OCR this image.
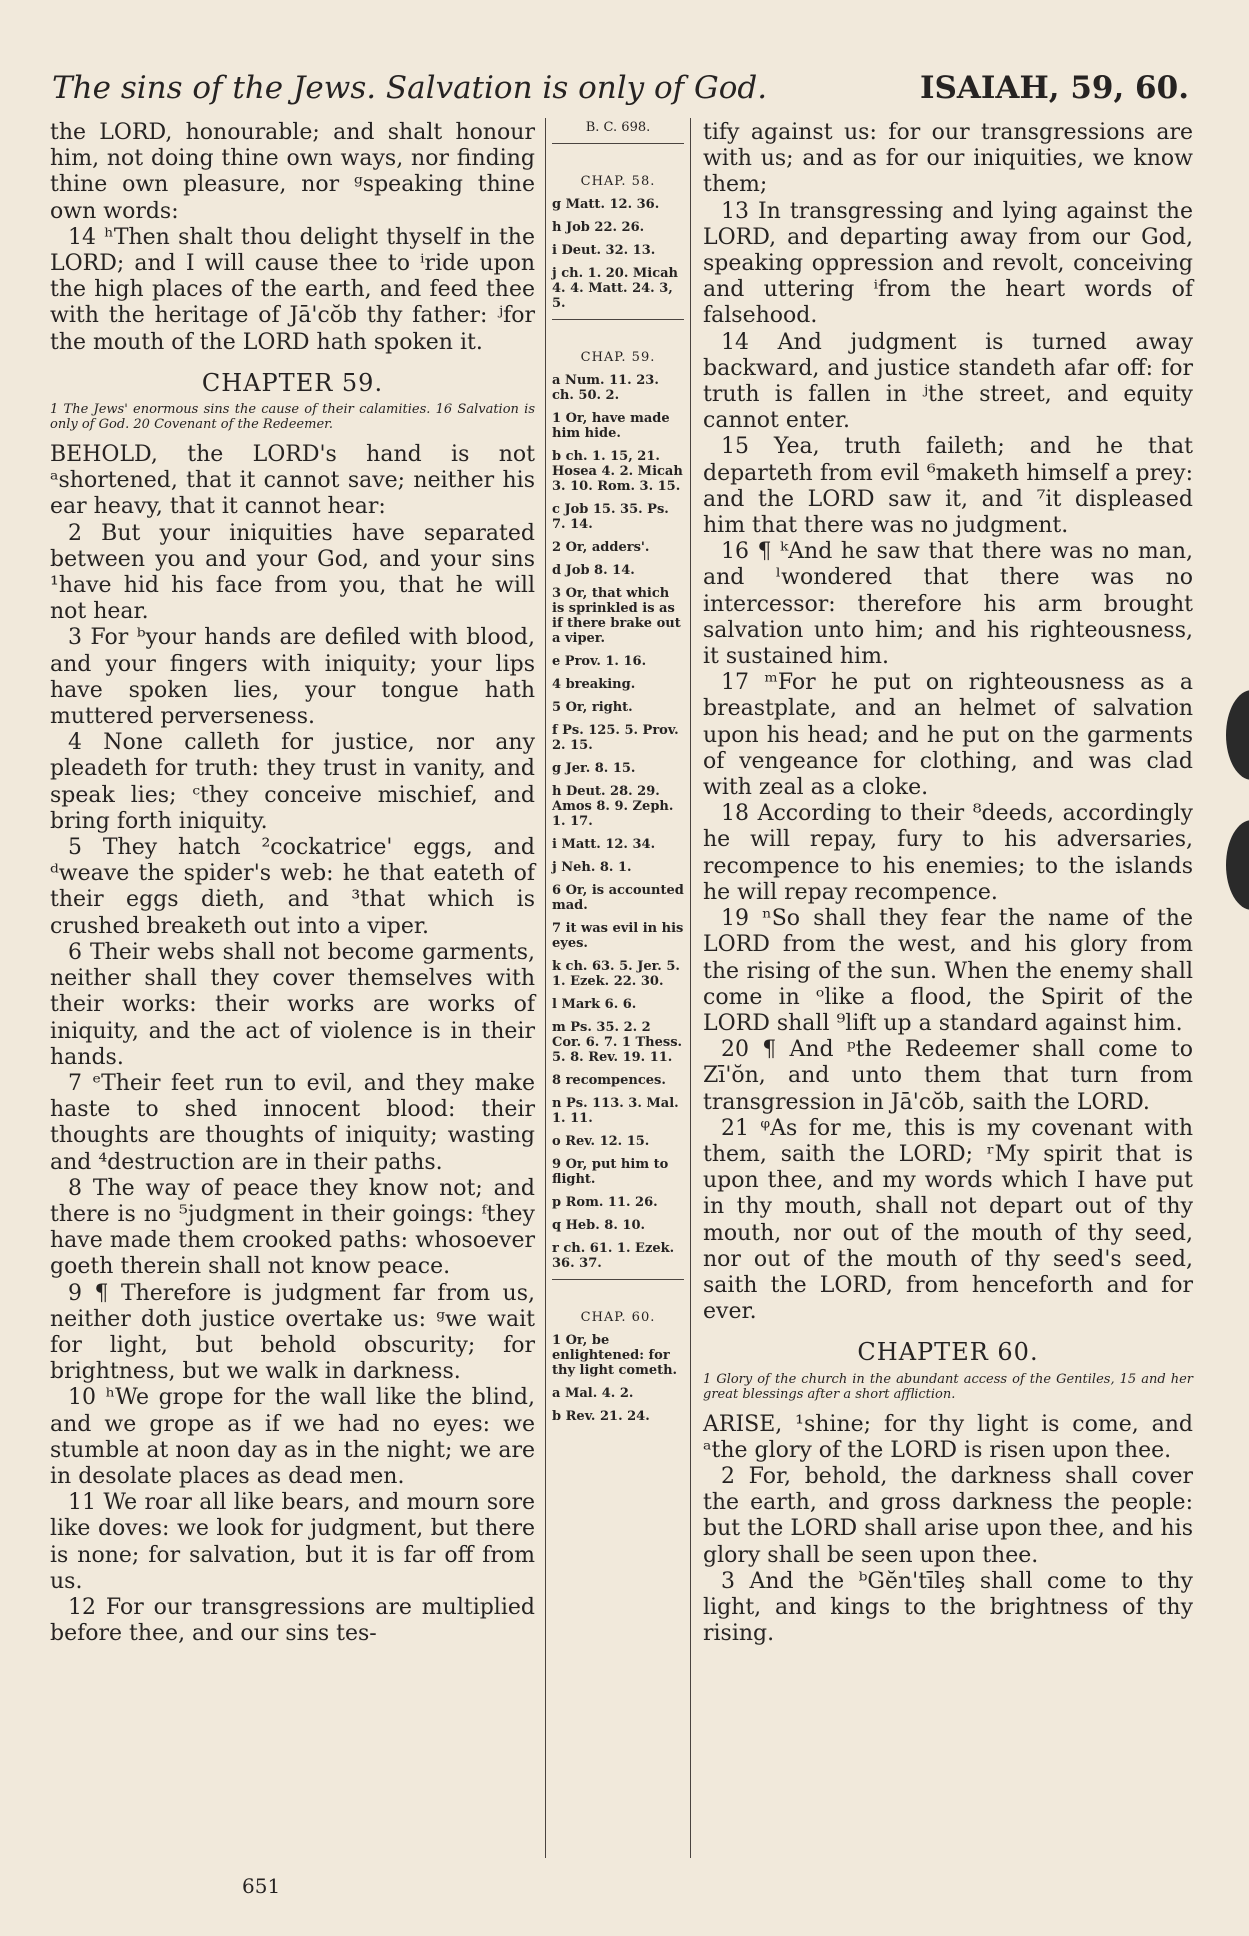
The sins of the Jews. Salvation is only of God.	ISAIAH, 59, 60.

the LORD, honourable; and shalt honour him, not doing thine own ways, nor finding thine own pleasure, nor ᵍspeaking thine own words:

14 ʰThen shalt thou delight thyself in the LORD; and I will cause thee to ⁱride upon the high places of the earth, and feed thee with the heritage of Jā'cŏb thy father: ʲfor the mouth of the LORD hath spoken it.

CHAPTER 59.

1 The Jews' enormous sins the cause of their calamities. 16 Salvation is only of God. 20 Covenant of the Redeemer.

BEHOLD, the LORD's hand is not ᵃshortened, that it cannot save; neither his ear heavy, that it cannot hear:

2 But your iniquities have separated between you and your God, and your sins ¹have hid his face from you, that he will not hear.

3 For ᵇyour hands are defiled with blood, and your fingers with iniquity; your lips have spoken lies, your tongue hath muttered perverseness.

4 None calleth for justice, nor any pleadeth for truth: they trust in vanity, and speak lies; ᶜthey conceive mischief, and bring forth iniquity.

5 They hatch ²cockatrice' eggs, and ᵈweave the spider's web: he that eateth of their eggs dieth, and ³that which is crushed breaketh out into a viper.

6 Their webs shall not become garments, neither shall they cover themselves with their works: their works are works of iniquity, and the act of violence is in their hands.

7 ᵉTheir feet run to evil, and they make haste to shed innocent blood: their thoughts are thoughts of iniquity; wasting and ⁴destruction are in their paths.

8 The way of peace they know not; and there is no ⁵judgment in their goings: ᶠthey have made them crooked paths: whosoever goeth therein shall not know peace.

9 ¶ Therefore is judgment far from us, neither doth justice overtake us: ᵍwe wait for light, but behold obscurity; for brightness, but we walk in darkness.

10 ʰWe grope for the wall like the blind, and we grope as if we had no eyes: we stumble at noon day as in the night; we are in desolate places as dead men.

11 We roar all like bears, and mourn sore like doves: we look for judgment, but there is none; for salvation, but it is far off from us.

12 For our transgressions are multiplied before thee, and our sins tes-

B. C. 698.
CHAP. 58.
g Matt. 12. 36.
h Job 22. 26.
i Deut. 32. 13.
j ch. 1. 20. Micah 4. 4. Matt. 24. 3, 5.
CHAP. 59.
a Num. 11. 23. ch. 50. 2.
1 Or, have made him hide.
b ch. 1. 15, 21. Hosea 4. 2. Micah 3. 10. Rom. 3. 15.
c Job 15. 35. Ps. 7. 14.
2 Or, adders'.
d Job 8. 14.
3 Or, that which is sprinkled is as if there brake out a viper.
e Prov. 1. 16.
4 breaking.
5 Or, right.
f Ps. 125. 5. Prov. 2. 15.
g Jer. 8. 15.
h Deut. 28. 29. Amos 8. 9. Zeph. 1. 17.
i Matt. 12. 34.
j Neh. 8. 1.
6 Or, is accounted mad.
7 it was evil in his eyes.
k ch. 63. 5. Jer. 5. 1. Ezek. 22. 30.
l Mark 6. 6.
m Ps. 35. 2. 2 Cor. 6. 7. 1 Thess. 5. 8. Rev. 19. 11.
8 recompences.
n Ps. 113. 3. Mal. 1. 11.
o Rev. 12. 15.
9 Or, put him to flight.
p Rom. 11. 26.
q Heb. 8. 10.
r ch. 61. 1. Ezek. 36. 37.
CHAP. 60.
1 Or, be enlightened: for thy light cometh.
a Mal. 4. 2.
b Rev. 21. 24.

tify against us: for our transgressions are with us; and as for our iniquities, we know them;

13 In transgressing and lying against the LORD, and departing away from our God, speaking oppression and revolt, conceiving and uttering ⁱfrom the heart words of falsehood.

14 And judgment is turned away backward, and justice standeth afar off: for truth is fallen in ʲthe street, and equity cannot enter.

15 Yea, truth faileth; and he that departeth from evil ⁶maketh himself a prey: and the LORD saw it, and ⁷it displeased him that there was no judgment.

16 ¶ ᵏAnd he saw that there was no man, and ˡwondered that there was no intercessor: therefore his arm brought salvation unto him; and his righteousness, it sustained him.

17 ᵐFor he put on righteousness as a breastplate, and an helmet of salvation upon his head; and he put on the garments of vengeance for clothing, and was clad with zeal as a cloke.

18 According to their ⁸deeds, accordingly he will repay, fury to his adversaries, recompence to his enemies; to the islands he will repay recompence.

19 ⁿSo shall they fear the name of the LORD from the west, and his glory from the rising of the sun. When the enemy shall come in ᵒlike a flood, the Spirit of the LORD shall ⁹lift up a standard against him.

20 ¶ And ᵖthe Redeemer shall come to Zī'ŏn, and unto them that turn from transgression in Jā'cŏb, saith the LORD.

21 ᵠAs for me, this is my covenant with them, saith the LORD; ʳMy spirit that is upon thee, and my words which I have put in thy mouth, shall not depart out of thy mouth, nor out of the mouth of thy seed, nor out of the mouth of thy seed's seed, saith the LORD, from henceforth and for ever.

CHAPTER 60.

1 Glory of the church in the abundant access of the Gentiles, 15 and her great blessings after a short affliction.

ARISE, ¹shine; for thy light is come, and ᵃthe glory of the LORD is risen upon thee.

2 For, behold, the darkness shall cover the earth, and gross darkness the people: but the LORD shall arise upon thee, and his glory shall be seen upon thee.

3 And the ᵇGĕn'tīleş shall come to thy light, and kings to the brightness of thy rising.

651
